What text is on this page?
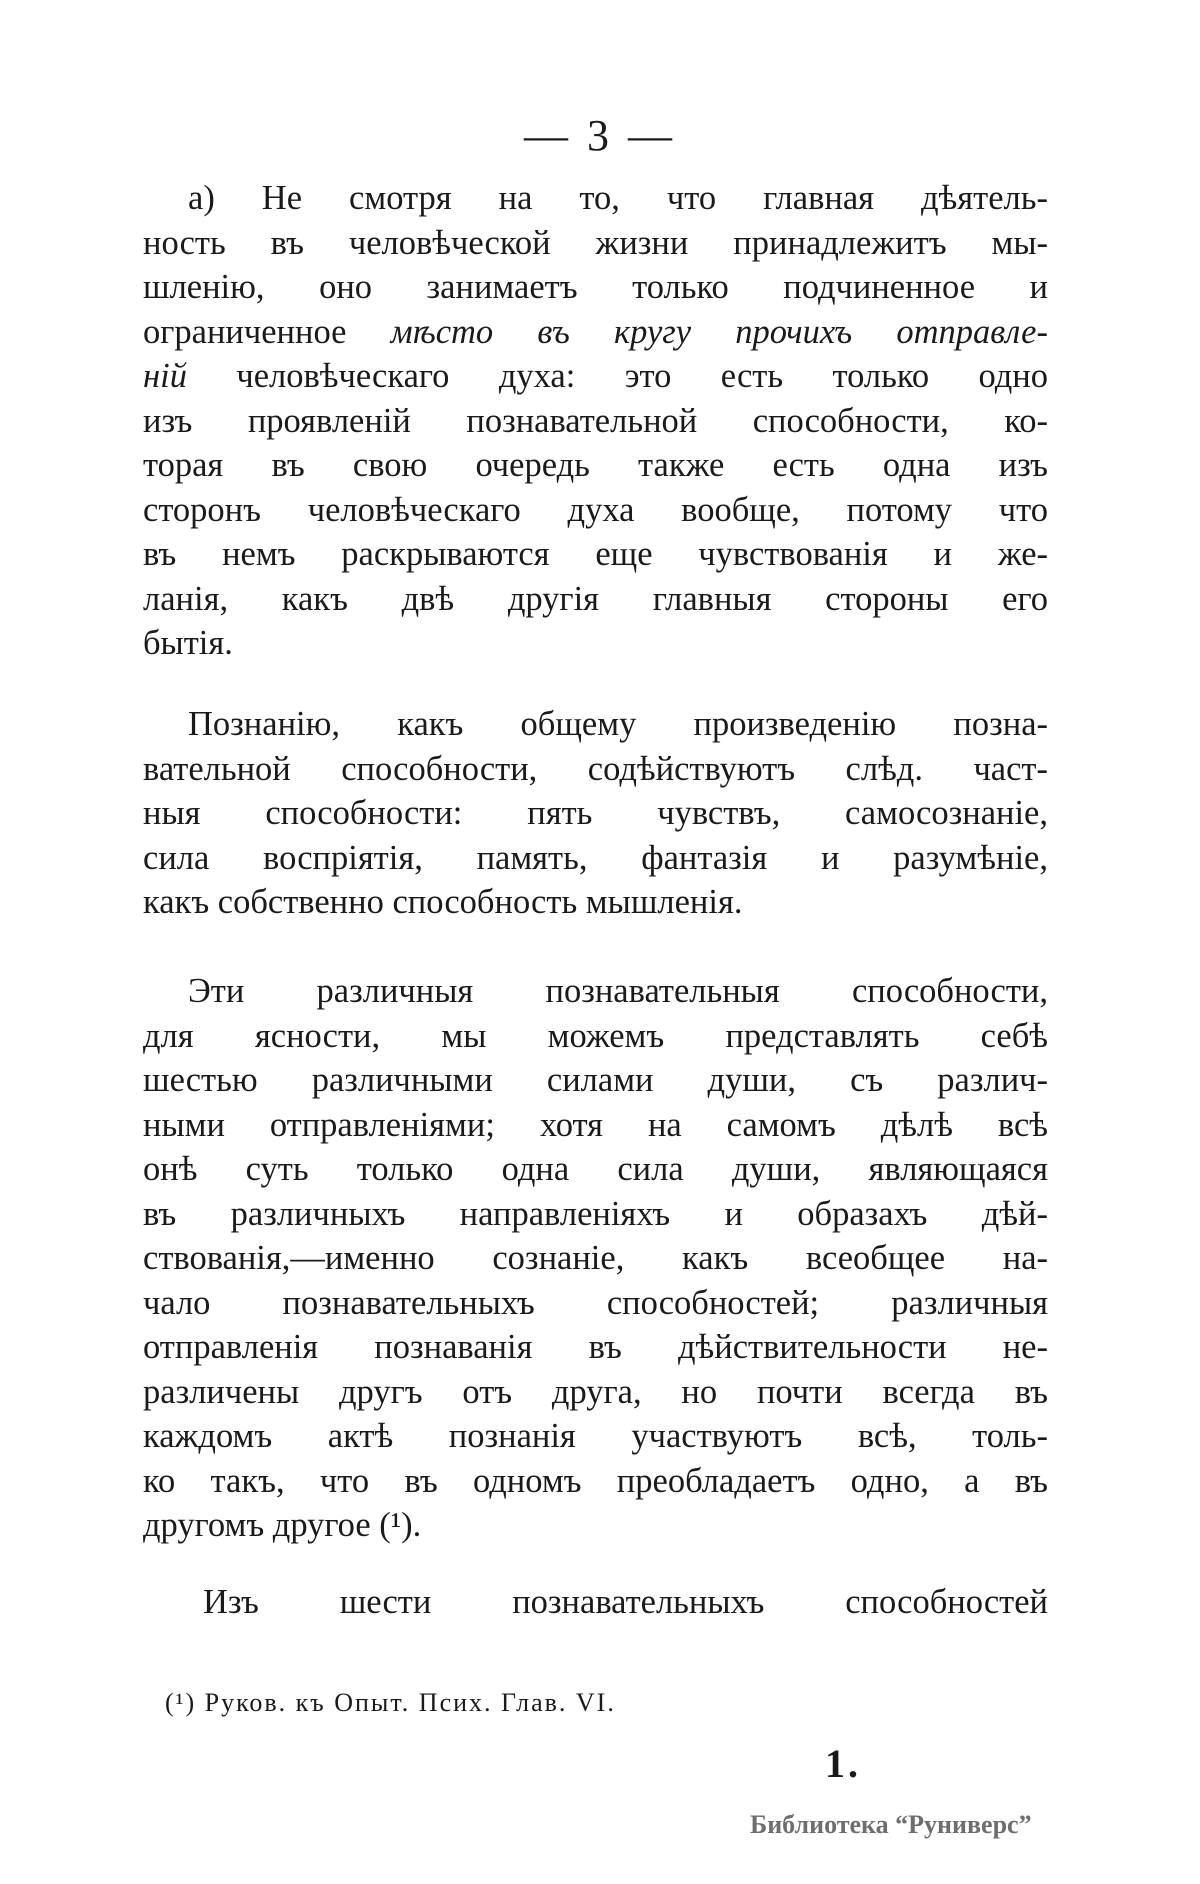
— 3 —
а) Не смотря на то, что главная дѣятель-
ность въ человѣческой жизни принадлежитъ мы-
шленію, оно занимаетъ только подчиненное и
ограниченное мѣсто въ кругу прочихъ отправле-
ній человѣческаго духа: это есть только одно
изъ проявленій познавательной способности, ко-
торая въ свою очередь также есть одна изъ
сторонъ человѣческаго духа вообще, потому что
въ немъ раскрываются еще чувствованія и же-
ланія, какъ двѣ другія главныя стороны его
бытія.
Познанію, какъ общему произведенію позна-
вательной способности, содѣйствуютъ слѣд. част-
ныя способности: пять чувствъ, самосознаніе,
сила воспріятія, память, фантазія и разумѣніе,
какъ собственно способность мышленія.
Эти различныя познавательныя способности,
для ясности, мы можемъ представлять себѣ
шестью различными силами души, съ различ-
ными отправленіями; хотя на самомъ дѣлѣ всѣ
онѣ суть только одна сила души, являющаяся
въ различныхъ направленіяхъ и образахъ дѣй-
ствованія,—именно сознаніе, какъ всеобщее на-
чало познавательныхъ способностей; различныя
отправленія познаванія въ дѣйствительности не-
различены другъ отъ друга, но почти всегда въ
каждомъ актѣ познанія участвуютъ всѣ, толь-
ко такъ, что въ одномъ преобладаетъ одно, а въ
другомъ другое (¹).
Изъ шести познавательныхъ способностей
(¹) Руков. къ Опыт. Псих. Глав. VI.
1.
Библиотека “Руниверс”
